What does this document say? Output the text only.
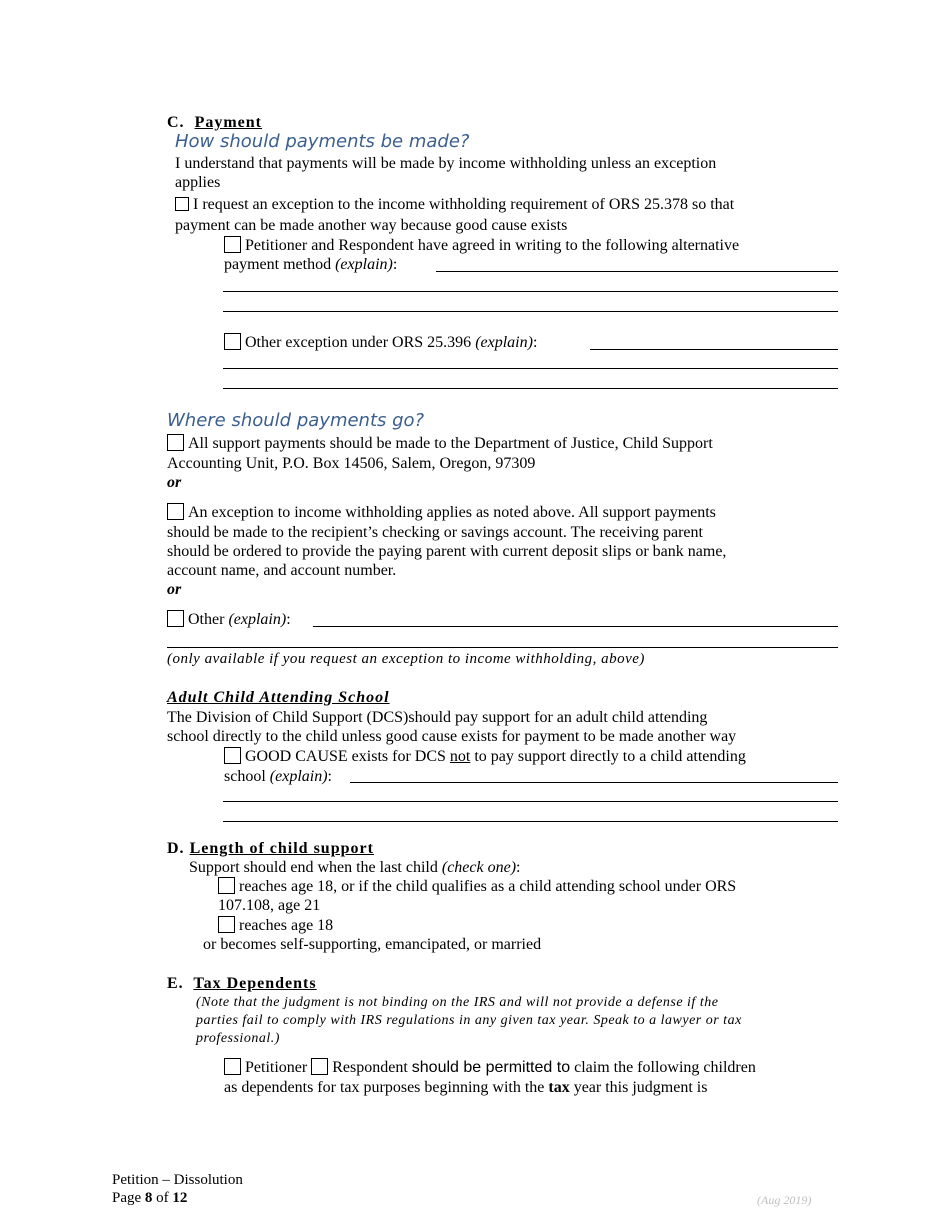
C. Payment
How should payments be made?
I understand that payments will be made by income withholding unless an exception
applies
I request an exception to the income withholding requirement of ORS 25.378 so that
payment can be made another way because good cause exists
Petitioner and Respondent have agreed in writing to the following alternative
payment method (explain):
Other exception under ORS 25.396 (explain):
Where should payments go?
All support payments should be made to the Department of Justice, Child Support
Accounting Unit, P.O. Box 14506, Salem, Oregon, 97309
or
An exception to income withholding applies as noted above. All support payments
should be made to the recipient’s checking or savings account. The receiving parent
should be ordered to provide the paying parent with current deposit slips or bank name,
account name, and account number.
or
Other (explain):
(only available if you request an exception to income withholding, above)
Adult Child Attending School
The Division of Child Support (DCS)should pay support for an adult child attending
school directly to the child unless good cause exists for payment to be made another way
GOOD CAUSE exists for DCS not to pay support directly to a child attending
school (explain):
D. Length of child support
Support should end when the last child (check one):
reaches age 18, or if the child qualifies as a child attending school under ORS
107.108, age 21
reaches age 18
or becomes self-supporting, emancipated, or married
E. Tax Dependents
(Note that the judgment is not binding on the IRS and will not provide a defense if the
parties fail to comply with IRS regulations in any given tax year. Speak to a lawyer or tax
professional.)
Petitioner Respondent should be permitted to claim the following children
as dependents for tax purposes beginning with the tax year this judgment is
Petition – Dissolution
Page 8 of 12	(Aug 2019)
